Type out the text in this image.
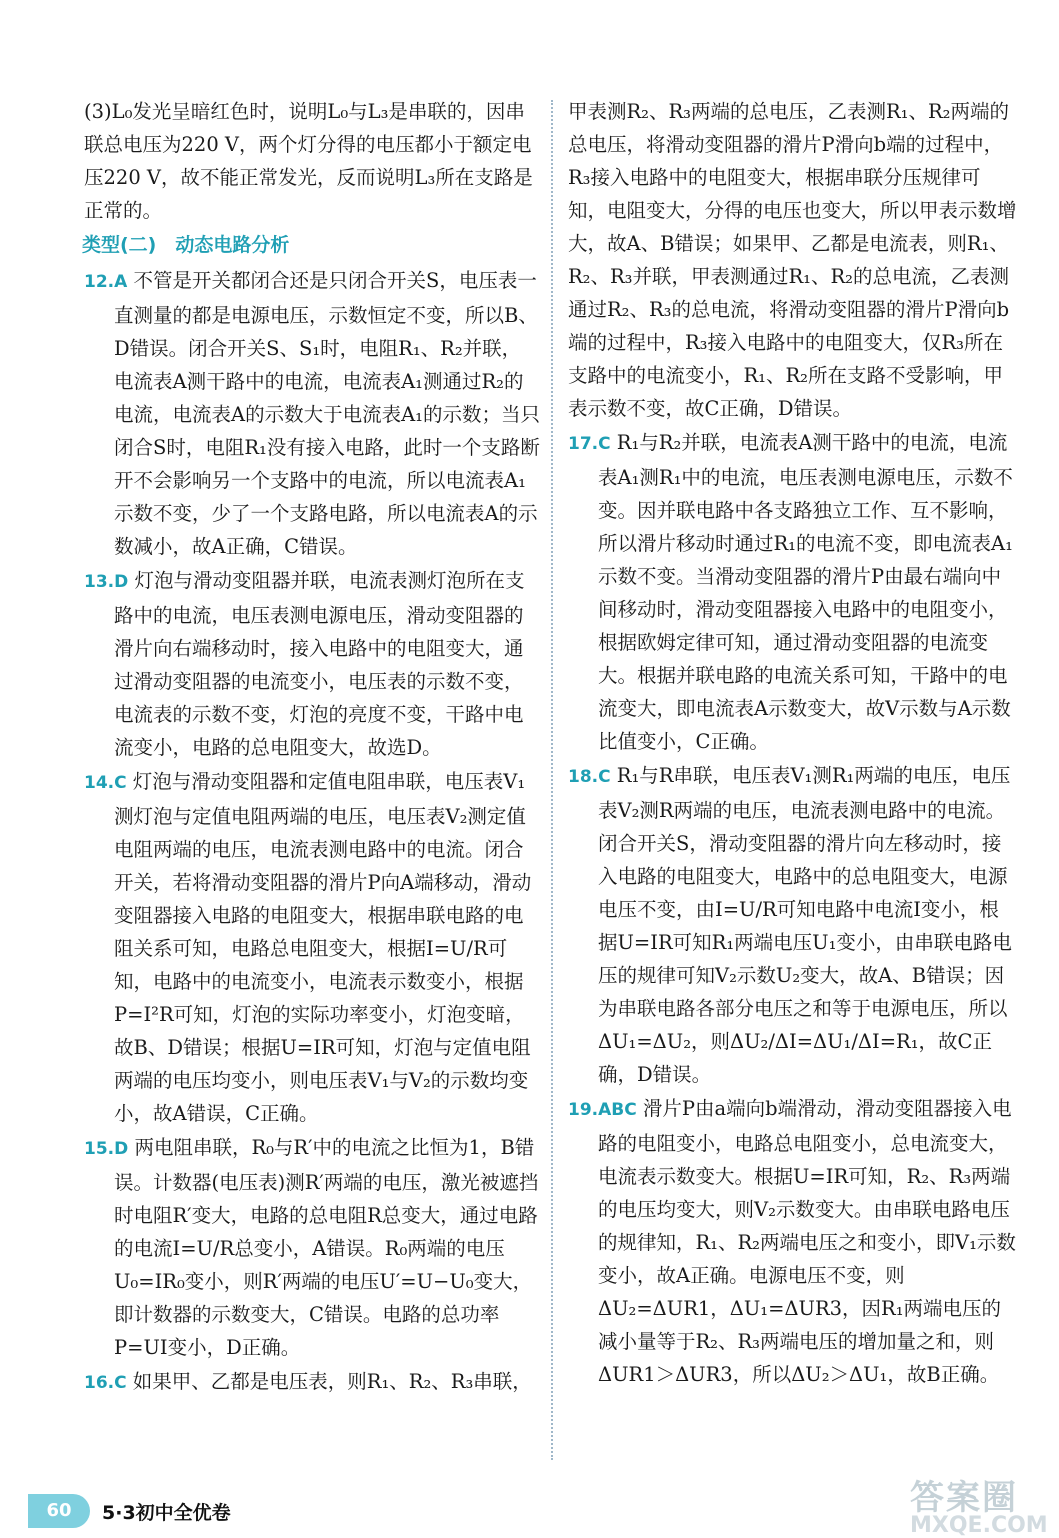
(3)L₀发光呈暗红色时，说明L₀与L₃是串联的，因串联总电压为220 V，两个灯分得的电压都小于额定电压220 V，故不能正常发光，反而说明L₃所在支路是正常的。

类型(二)　动态电路分析

12.A 不管是开关都闭合还是只闭合开关S，电压表一直测量的都是电源电压，示数恒定不变，所以B、D错误。闭合开关S、S₁时，电阻R₁、R₂并联，电流表A测干路中的电流，电流表A₁测通过R₂的电流，电流表A的示数大于电流表A₁的示数；当只闭合S时，电阻R₁没有接入电路，此时一个支路断开不会影响另一个支路中的电流，所以电流表A₁示数不变，少了一个支路电路，所以电流表A的示数减小，故A正确，C错误。

13.D 灯泡与滑动变阻器并联，电流表测灯泡所在支路中的电流，电压表测电源电压，滑动变阻器的滑片向右端移动时，接入电路中的电阻变大，通过滑动变阻器的电流变小，电压表的示数不变，电流表的示数不变，灯泡的亮度不变，干路中电流变小，电路的总电阻变大，故选D。

14.C 灯泡与滑动变阻器和定值电阻串联，电压表V₁测灯泡与定值电阻两端的电压，电压表V₂测定值电阻两端的电压，电流表测电路中的电流。闭合开关，若将滑动变阻器的滑片P向A端移动，滑动变阻器接入电路的电阻变大，根据串联电路的电阻关系可知，电路总电阻变大，根据I=U/R可知，电路中的电流变小，电流表示数变小，根据P=I²R可知，灯泡的实际功率变小，灯泡变暗，故B、D错误；根据U=IR可知，灯泡与定值电阻两端的电压均变小，则电压表V₁与V₂的示数均变小，故A错误，C正确。

15.D 两电阻串联，R₀与R′中的电流之比恒为1，B错误。计数器(电压表)测R′两端的电压，激光被遮挡时电阻R′变大，电路的总电阻R总变大，通过电路的电流I=U/R总变小，A错误。R₀两端的电压U₀=IR₀变小，则R′两端的电压U′=U−U₀变大，即计数器的示数变大，C错误。电路的总功率P=UI变小，D正确。

16.C 如果甲、乙都是电压表，则R₁、R₂、R₃串联，

甲表测R₂、R₃两端的总电压，乙表测R₁、R₂两端的总电压，将滑动变阻器的滑片P滑向b端的过程中，R₃接入电路中的电阻变大，根据串联分压规律可知，电阻变大，分得的电压也变大，所以甲表示数增大，故A、B错误；如果甲、乙都是电流表，则R₁、R₂、R₃并联，甲表测通过R₁、R₂的总电流，乙表测通过R₂、R₃的总电流，将滑动变阻器的滑片P滑向b端的过程中，R₃接入电路中的电阻变大，仅R₃所在支路中的电流变小，R₁、R₂所在支路不受影响，甲表示数不变，故C正确，D错误。

17.C R₁与R₂并联，电流表A测干路中的电流，电流表A₁测R₁中的电流，电压表测电源电压，示数不变。因并联电路中各支路独立工作、互不影响，所以滑片移动时通过R₁的电流不变，即电流表A₁示数不变。当滑动变阻器的滑片P由最右端向中间移动时，滑动变阻器接入电路中的电阻变小，根据欧姆定律可知，通过滑动变阻器的电流变大。根据并联电路的电流关系可知，干路中的电流变大，即电流表A示数变大，故V示数与A示数比值变小，C正确。

18.C R₁与R串联，电压表V₁测R₁两端的电压，电压表V₂测R两端的电压，电流表测电路中的电流。闭合开关S，滑动变阻器的滑片向左移动时，接入电路的电阻变大，电路中的总电阻变大，电源电压不变，由I=U/R可知电路中电流I变小，根据U=IR可知R₁两端电压U₁变小，由串联电路电压的规律可知V₂示数U₂变大，故A、B错误；因为串联电路各部分电压之和等于电源电压，所以ΔU₁=ΔU₂，则ΔU₂/ΔI=ΔU₁/ΔI=R₁，故C正确，D错误。

19.ABC 滑片P由a端向b端滑动，滑动变阻器接入电路的电阻变小，电路总电阻变小，总电流变大，电流表示数变大。根据U=IR可知，R₂、R₃两端的电压均变大，则V₂示数变大。由串联电路电压的规律知，R₁、R₂两端电压之和变小，即V₁示数变小，故A正确。电源电压不变，则ΔU₂=ΔUR1，ΔU₁=ΔUR3，因R₁两端电压的减小量等于R₂、R₃两端电压的增加量之和，则ΔUR1＞ΔUR3，所以ΔU₂＞ΔU₁，故B正确。

60	5·3初中全优卷	答案圈
MXQE.COM
